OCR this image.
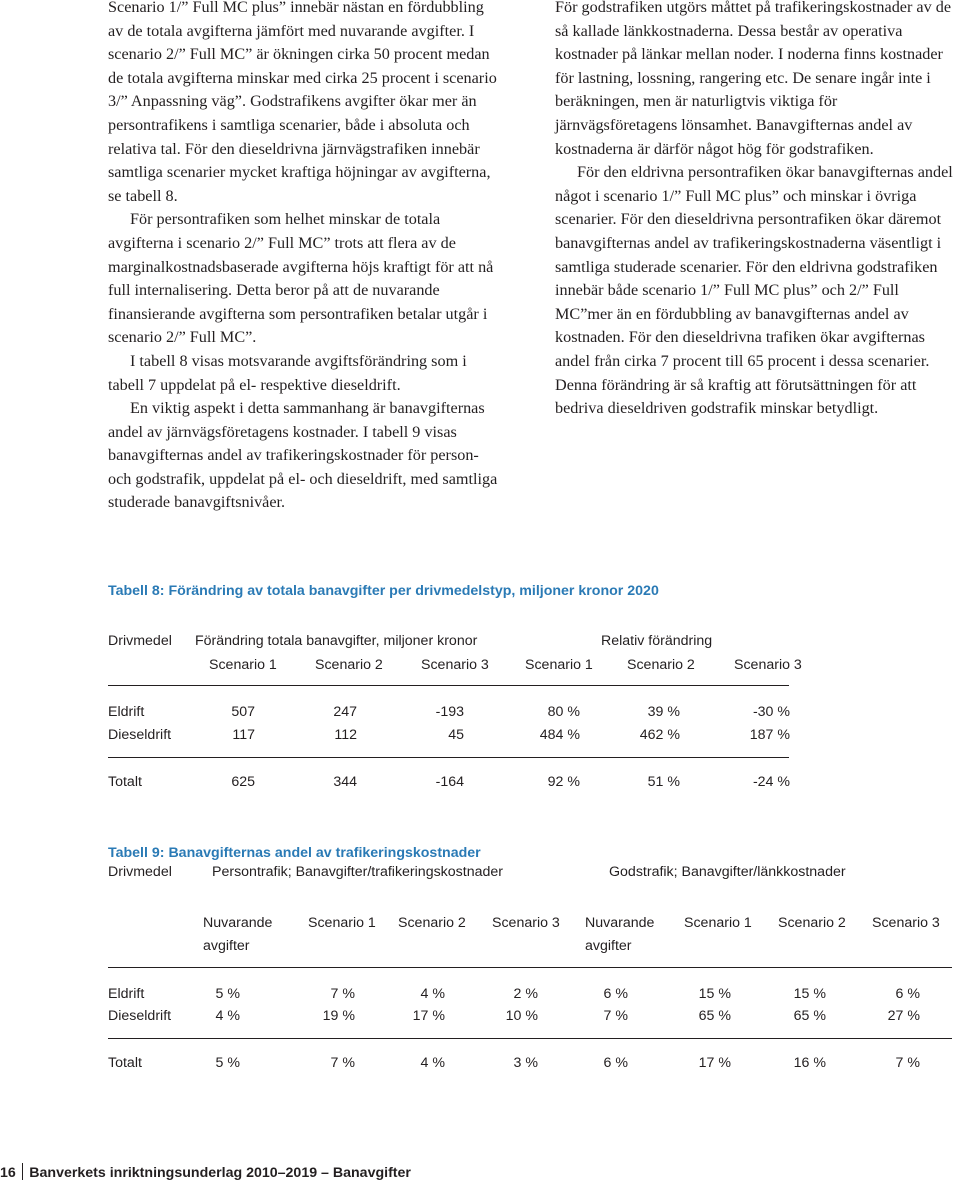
Scenario 1/” Full MC plus” innebär nästan en fördubbling av de totala avgifterna jämfört med nuvarande avgifter. I scenario 2/” Full MC” är ökningen cirka 50 procent medan de totala avgifterna minskar med cirka 25 procent i scenario 3/” Anpassning väg”. Godstrafikens avgifter ökar mer än persontrafikens i samtliga scenarier, både i absoluta och relativa tal. För den dieseldrivna järnvägstrafiken innebär samtliga scenarier mycket kraftiga höjningar av avgifterna, se tabell 8.

För persontrafiken som helhet minskar de totala avgifterna i scenario 2/” Full MC” trots att flera av de marginalkostnadsbaserade avgifterna höjs kraftigt för att nå full internalisering. Detta beror på att de nuvarande finansierande avgifterna som persontrafiken betalar utgår i scenario 2/” Full MC”.

I tabell 8 visas motsvarande avgiftsförändring som i tabell 7 uppdelat på el- respektive dieseldrift.

En viktig aspekt i detta sammanhang är banavgifternas andel av järnvägsföretagens kostnader. I tabell 9 visas banavgifternas andel av trafikeringskostnader för person- och godstrafik, uppdelat på el- och dieseldrift, med samtliga studerade banavgiftsnivåer.

För godstrafiken utgörs måttet på trafikeringskostnader av de så kallade länkkostnaderna. Dessa består av operativa kostnader på länkar mellan noder. I noderna finns kostnader för lastning, lossning, rangering etc. De senare ingår inte i beräkningen, men är naturligtvis viktiga för järnvägsföretagens lönsamhet. Banavgifternas andel av kostnaderna är därför något hög för godstrafiken.

För den eldrivna persontrafiken ökar banavgifternas andel något i scenario 1/” Full MC plus” och minskar i övriga scenarier. För den dieseldrivna persontrafiken ökar däremot banavgifternas andel av trafikeringskostnaderna väsentligt i samtliga studerade scenarier. För den eldrivna godstrafiken innebär både scenario 1/” Full MC plus” och 2/” Full MC”mer än en fördubbling av banavgifternas andel av kostnaden. För den dieseldrivna trafiken ökar avgifternas andel från cirka 7 procent till 65 procent i dessa scenarier. Denna förändring är så kraftig att förutsättningen för att bedriva dieseldriven godstrafik minskar betydligt.

Tabell 8: Förändring av totala banavgifter per drivmedelstyp, miljoner kronor 2020
Drivmedel Förändring totala banavgifter, miljoner kronor	Relativ förändring
Scenario 1	Scenario 2	Scenario 3	Scenario 1 Scenario 2	Scenario 3
Eldrift	507	247	-193	80 %	39 %	-30 %
Dieseldrift	117	112	45	484 %	462 %	187 %
Totalt	625	344	-164	92 %	51 %	-24 %
Tabell 9: Banavgifternas andel av trafikeringskostnader
Drivmedel	Persontrafik; Banavgifter/trafikeringskostnader	Godstrafik; Banavgifter/länkkostnader
Nuvarande	Scenario 1 Scenario 2 Scenario 3 Nuvarande Scenario 1 Scenario 2 Scenario 3
avgifter	avgifter
Eldrift	5 %	7 %	4 %	2 %	6 %	15 %	15 %	6 %
Dieseldrift	4 %	19 %	17 %	10 %	7 %	65 %	65 %	27 %
Totalt	5 %	7 %	4 %	3 %	6 %	17 %	16 %	7 %
16 Banverkets inriktningsunderlag 2010–2019 – Banavgifter
